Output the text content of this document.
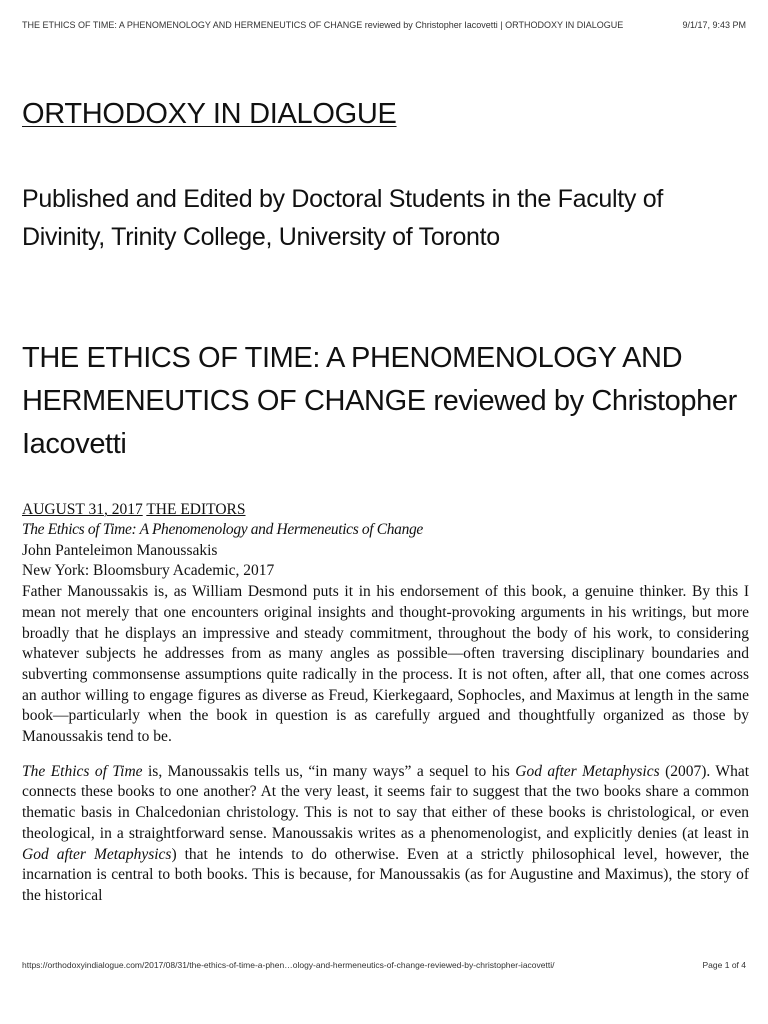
THE ETHICS OF TIME: A PHENOMENOLOGY AND HERMENEUTICS OF CHANGE reviewed by Christopher Iacovetti | ORTHODOXY IN DIALOGUE	9/1/17, 9:43 PM
ORTHODOXY IN DIALOGUE

Published and Edited by Doctoral Students in the Faculty of Divinity, Trinity College, University of Toronto

THE ETHICS OF TIME: A PHENOMENOLOGY AND HERMENEUTICS OF CHANGE reviewed by Christopher Iacovetti
AUGUST 31, 2017 THE EDITORS
The Ethics of Time: A Phenomenology and Hermeneutics of Change
John Panteleimon Manoussakis
New York: Bloomsbury Academic, 2017

Father Manoussakis is, as William Desmond puts it in his endorsement of this book, a genuine thinker. By this I mean not merely that one encounters original insights and thought-provoking arguments in his writings, but more broadly that he displays an impressive and steady commitment, throughout the body of his work, to considering whatever subjects he addresses from as many angles as possible—often traversing disciplinary boundaries and subverting commonsense assumptions quite radically in the process. It is not often, after all, that one comes across an author willing to engage figures as diverse as Freud, Kierkegaard, Sophocles, and Maximus at length in the same book—particularly when the book in question is as carefully argued and thoughtfully organized as those by Manoussakis tend to be.

The Ethics of Time is, Manoussakis tells us, “in many ways” a sequel to his God after Metaphysics (2007). What connects these books to one another? At the very least, it seems fair to suggest that the two books share a common thematic basis in Chalcedonian christology. This is not to say that either of these books is christological, or even theological, in a straightforward sense. Manoussakis writes as a phenomenologist, and explicitly denies (at least in God after Metaphysics) that he intends to do otherwise. Even at a strictly philosophical level, however, the incarnation is central to both books. This is because, for Manoussakis (as for Augustine and Maximus), the story of the historical

https://orthodoxyindialogue.com/2017/08/31/the-ethics-of-time-a-phen…ology-and-hermeneutics-of-change-reviewed-by-christopher-iacovetti/	Page 1 of 4
